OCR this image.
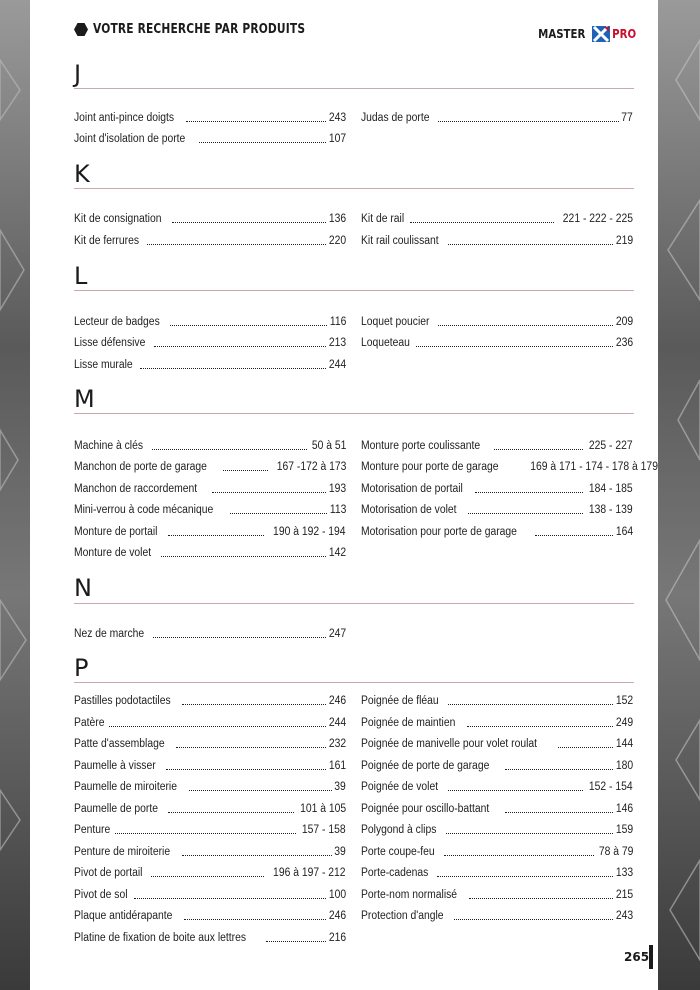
VOTRE RECHERCHE PAR PRODUITS	MASTER PRO
J
Joint anti-pince doigts	243
Joint d'isolation de porte	107
Judas de porte	77
K
Kit de consignation	136
Kit de ferrures	220
Kit de rail	221 - 222 - 225
Kit rail coulissant	219
L
Lecteur de badges	116
Lisse défensive	213
Lisse murale	244
Loquet poucier	209
Loqueteau	236
M
Machine à clés	50 à 51
Manchon de porte de garage	167 -172 à 173
Manchon de raccordement	193
Mini-verrou à code mécanique	113
Monture de portail	190 à 192 - 194
Monture de volet	142
Monture porte coulissante	225 - 227
Monture pour porte de garage	169 à 171 - 174 - 178 à 179
Motorisation de portail	184 - 185
Motorisation de volet	138 - 139
Motorisation pour porte de garage	164
N
Nez de marche	247
P
Pastilles podotactiles	246
Patère	244
Patte d'assemblage	232
Paumelle à visser	161
Paumelle de miroiterie	39
Paumelle de porte	101 à 105
Penture	157 - 158
Penture de miroiterie	39
Pivot de portail	196 à 197 - 212
Pivot de sol	100
Plaque antidérapante	246
Platine de fixation de boite aux lettres	216
Poignée de fléau	152
Poignée de maintien	249
Poignée de manivelle pour volet roulat	144
Poignée de porte de garage	180
Poignée de volet	152 - 154
Poignée pour oscillo-battant	146
Polygond à clips	159
Porte coupe-feu	78 à 79
Porte-cadenas	133
Porte-nom normalisé	215
Protection d'angle	243
265
